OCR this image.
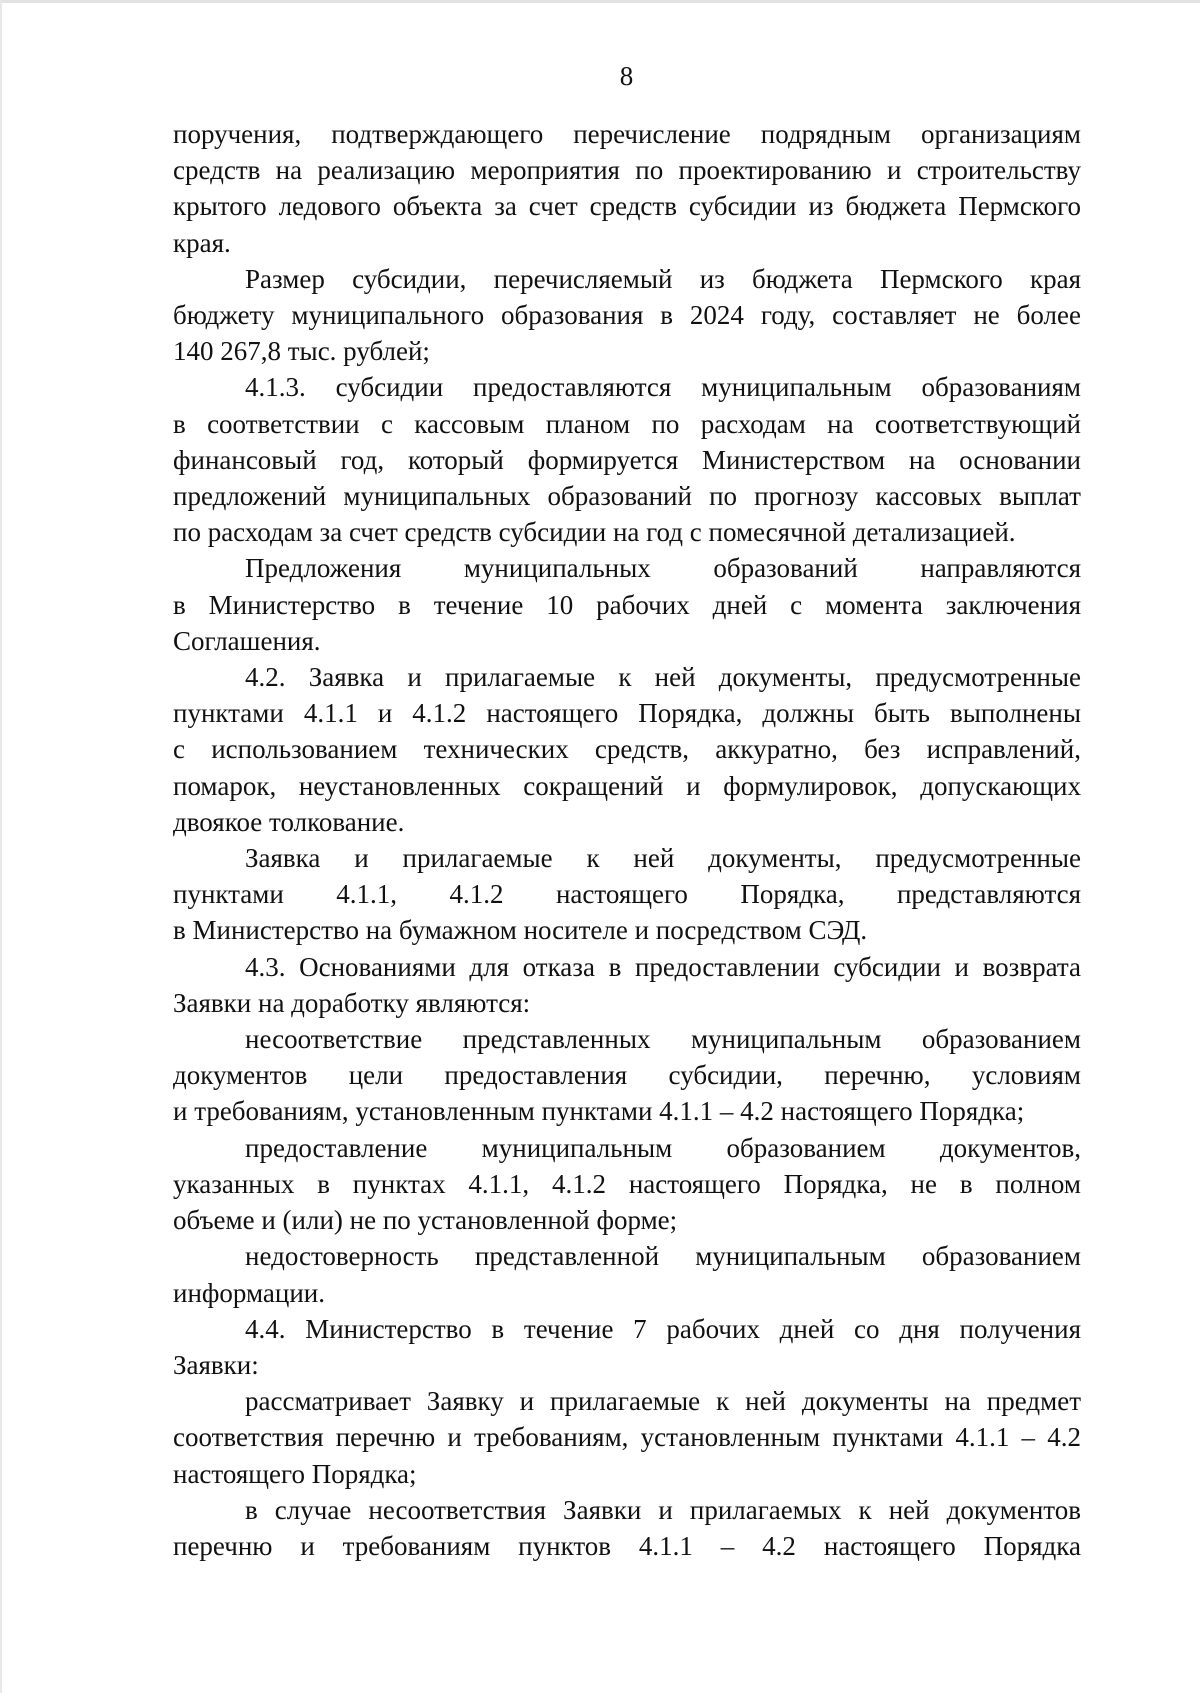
8

поручения, подтверждающего перечисление подрядным организациям

средств на реализацию мероприятия по проектированию и строительству

крытого ледового объекта за счет средств субсидии из бюджета Пермского

края.

Размер субсидии, перечисляемый из бюджета Пермского края

бюджету муниципального образования в 2024 году, составляет не более

140 267,8 тыс. рублей;

4.1.3. субсидии предоставляются муниципальным образованиям

в соответствии с кассовым планом по расходам на соответствующий

финансовый год, который формируется Министерством на основании

предложений муниципальных образований по прогнозу кассовых выплат

по расходам за счет средств субсидии на год с помесячной детализацией.

Предложения муниципальных образований направляются

в Министерство в течение 10 рабочих дней с момента заключения

Соглашения.

4.2. Заявка и прилагаемые к ней документы, предусмотренные

пунктами 4.1.1 и 4.1.2 настоящего Порядка, должны быть выполнены

с использованием технических средств, аккуратно, без исправлений,

помарок, неустановленных сокращений и формулировок, допускающих

двоякое толкование.

Заявка и прилагаемые к ней документы, предусмотренные

пунктами 4.1.1, 4.1.2 настоящего Порядка, представляются

в Министерство на бумажном носителе и посредством СЭД.

4.3. Основаниями для отказа в предоставлении субсидии и возврата

Заявки на доработку являются:

несоответствие представленных муниципальным образованием

документов цели предоставления субсидии, перечню, условиям

и требованиям, установленным пунктами 4.1.1 – 4.2 настоящего Порядка;

предоставление муниципальным образованием документов,

указанных в пунктах 4.1.1, 4.1.2 настоящего Порядка, не в полном

объеме и (или) не по установленной форме;

недостоверность представленной муниципальным образованием

информации.

4.4. Министерство в течение 7 рабочих дней со дня получения

Заявки:

рассматривает Заявку и прилагаемые к ней документы на предмет

соответствия перечню и требованиям, установленным пунктами 4.1.1 – 4.2

настоящего Порядка;

в случае несоответствия Заявки и прилагаемых к ней документов

перечню и требованиям пунктов 4.1.1 – 4.2 настоящего Порядка
